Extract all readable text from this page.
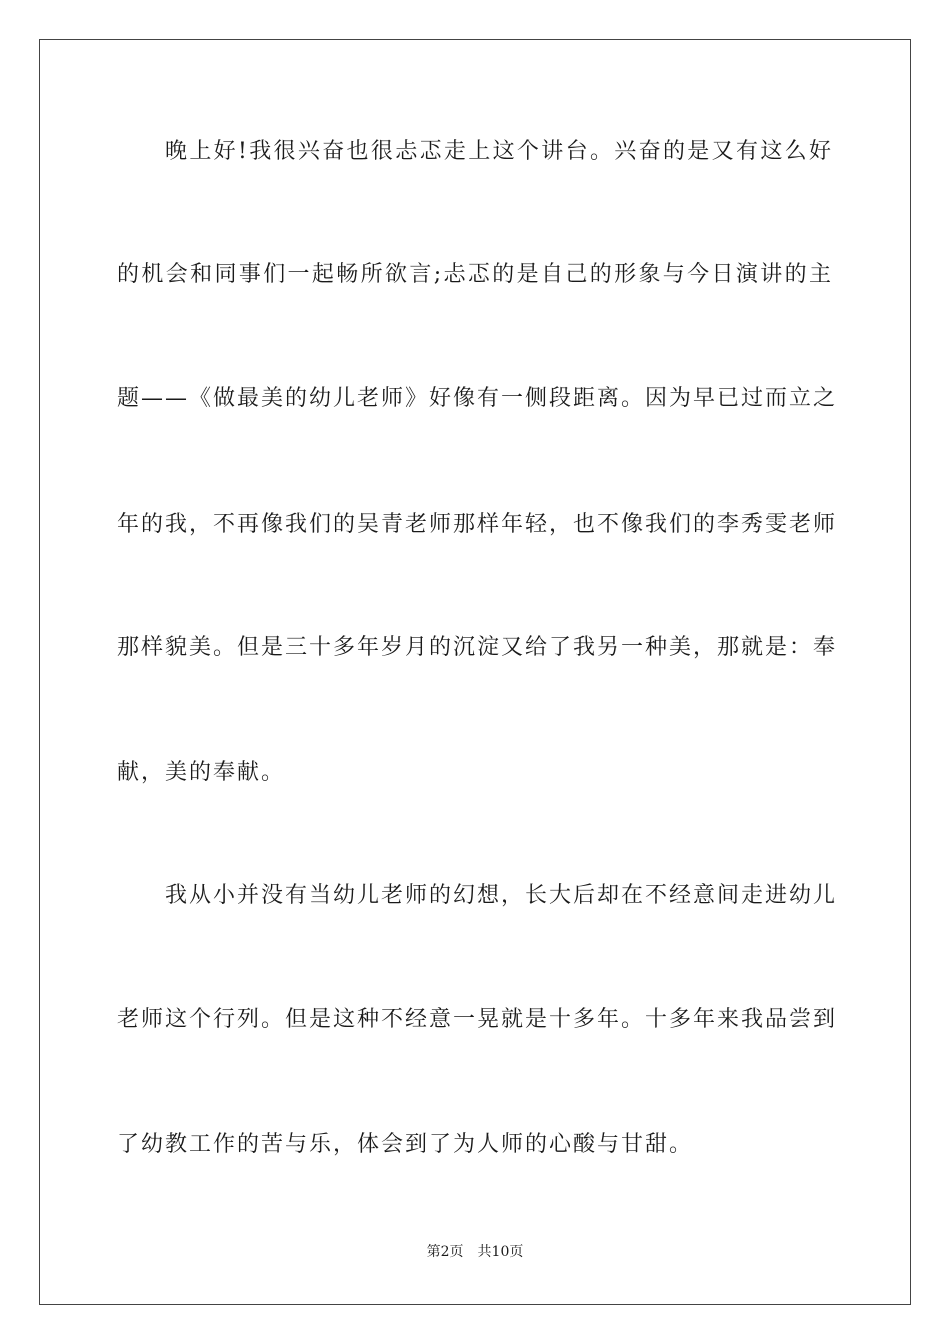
晚上好!我很兴奋也很忐忑走上这个讲台。兴奋的是又有这么好
的机会和同事们一起畅所欲言;忐忑的是自己的形象与今日演讲的主
题——《做最美的幼儿老师》好像有一侧段距离。因为早已过而立之
年的我，不再像我们的吴青老师那样年轻，也不像我们的李秀雯老师
那样貌美。但是三十多年岁月的沉淀又给了我另一种美，那就是：奉
献，美的奉献。
我从小并没有当幼儿老师的幻想，长大后却在不经意间走进幼儿
老师这个行列。但是这种不经意一晃就是十多年。十多年来我品尝到
了幼教工作的苦与乐，体会到了为人师的心酸与甘甜。
第2页 共10页
